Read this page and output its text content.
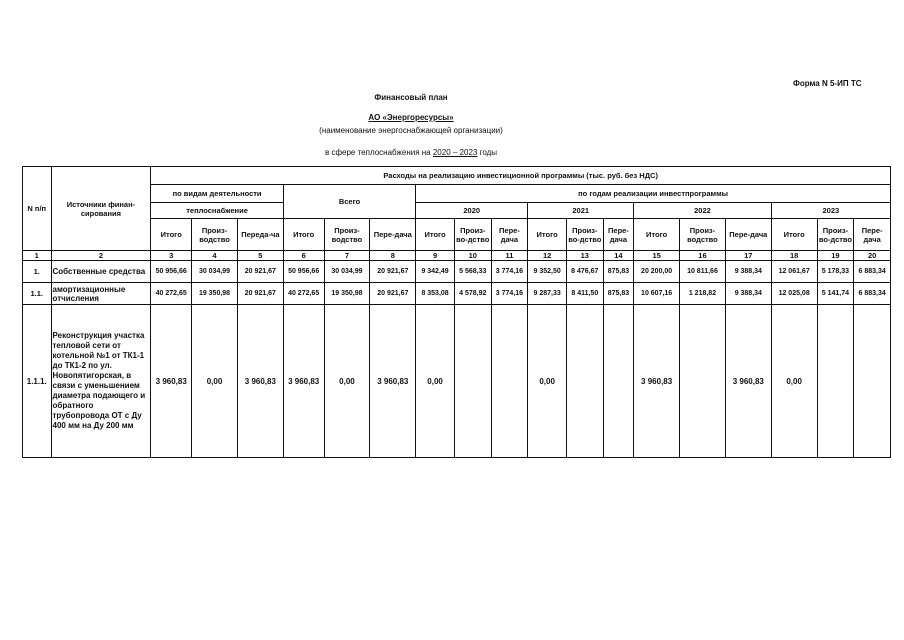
Форма N 5-ИП ТС
Финансовый план
АО «Энергоресурсы»
(наименование энергоснабжающей организации)
в сфере теплоснабжения на 2020 – 2023 годы
N п/п	Источники финан-сирования	Расходы на реализацию инвестиционной программы (тыс. руб. без НДС)																	
		по видам деятельности			Всего			по годам реализации инвестпрограммы											
		теплоснабжение						2020			2021			2022			2023		
		Итого	Произ-водство	Переда-ча	Итого	Произ-водство	Пере-дача	Итого	Произ-во-дство	Пере-дача	Итого	Произ-во-дство	Пере-дача	Итого	Произ-водство	Пере-дача	Итого	Произ-во-дство	Пере-дача
1	2	3	4	5	6	7	8	9	10	11	12	13	14	15	16	17	18	19	20
1.	Собственные средства	50 956,66	30 034,99	20 921,67	50 956,66	30 034,99	20 921,67	9 342,49	5 568,33	3 774,16	9 352,50	8 476,67	875,83	20 200,00	10 811,66	9 388,34	12 061,67	5 178,33	6 883,34
1.1.	амортизационные отчисления	40 272,65	19 350,98	20 921,67	40 272,65	19 350,98	20 921,67	8 353,08	4 578,92	3 774,16	9 287,33	8 411,50	875,83	10 607,16	1 218,82	9 388,34	12 025,08	5 141,74	6 883,34
1.1.1.	Реконструкция участка тепловой сети от котельной №1 от ТК1-1 до ТК1-2 по ул. Новопятигорская, в связи с уменьшением диаметра подающего и обратного трубопровода ОТ с Ду 400 мм на Ду 200 мм	3 960,83	0,00	3 960,83	3 960,83	0,00	3 960,83	0,00			0,00			3 960,83		3 960,83	0,00		
